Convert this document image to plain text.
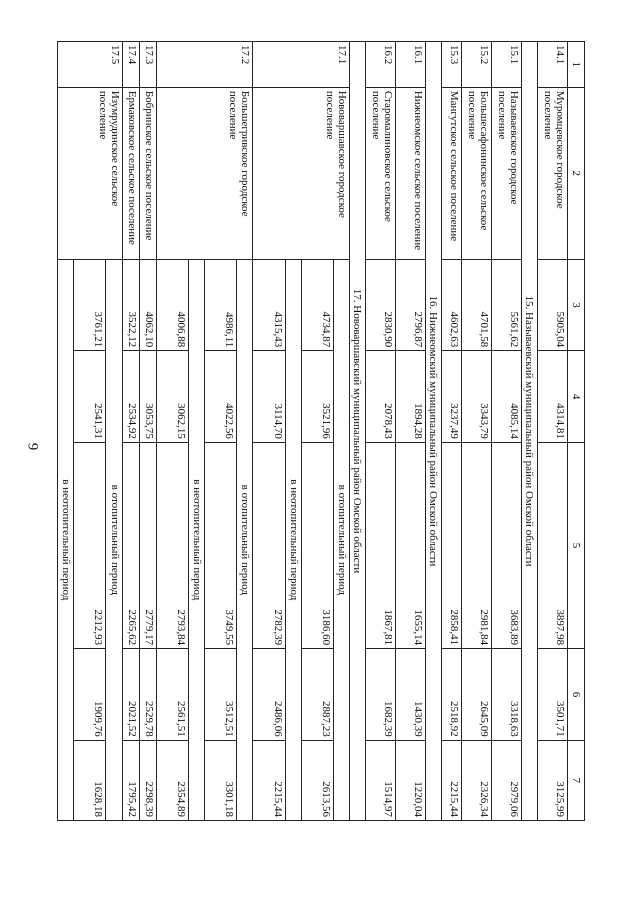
9
1	2	3	4	5	6	7
14.1	Муромцевское городское поселение	5905,04	4314,81	3897,98	3501,71	3125,99
15. Называевский муниципальный район Омской области						
15.1	Называевское городское поселение	5561,62	4085,14	3683,89	3318,63	2979,06
15.2	Большесафонинское сельское поселение	4701,58	3343,79	2981,84	2645,09	2326,34
15.3	Мангутское сельское поселение	4602,63	3237,49	2858,41	2518,92	2215,44
16. Нижнеомский муниципальный район Омской области						
16.1	Нижнеомское сельское поселение	2796,87	1894,28	1655,14	1430,39	1220,04
16.2	Старомалиновское сельское поселение	2830,90	2078,43	1867,81	1682,39	1514,97
17. Нововаршавский муниципальный район Омской области						
17.1	Нововаршавское городское поселение	в отопительный период				
		4734,87	3521,96	3186,60	2887,23	2613,56
		в неотопительный период				
		4315,43	3114,70	2782,39	2486,06	2215,44
17.2	Большегривское городское поселение	в отопительный период				
		4986,11	4022,56	3749,55	3512,51	3301,18
		в неотопительный период				
		4006,88	3062,15	2793,84	2561,51	2354,89
17.3	Бобринское сельское поселение	4062,10	3053,75	2779,17	2529,78	2298,39
17.4	Ермаковское сельское поселение	3522,12	2534,92	2265,62	2021,52	1795,42
17.5	Изумрудинское сельское поселение	в отопительный период				
		3761,21	2541,31	2212,93	1909,76	1628,18
		в неотопительный период				
